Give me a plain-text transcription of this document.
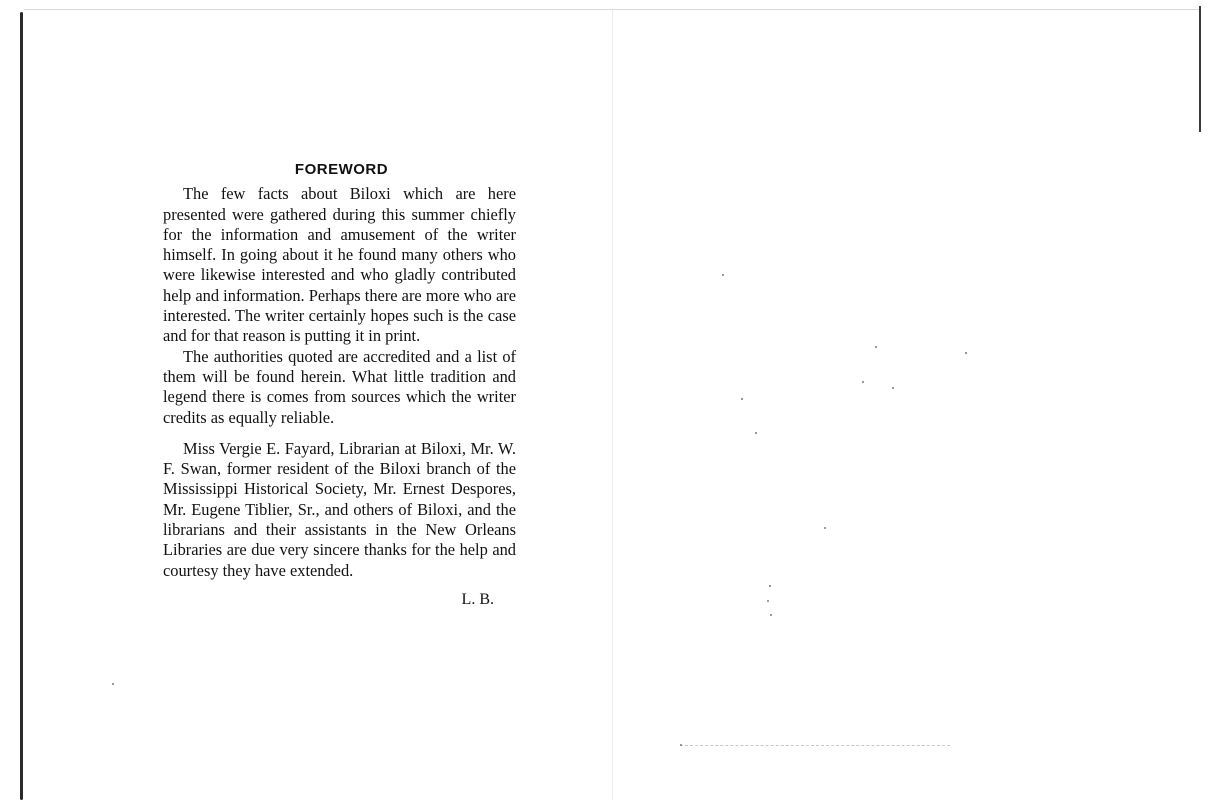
FOREWORD

The few facts about Biloxi which are here presented were gathered during this summer chiefly for the information and amusement of the writer himself. In going about it he found many others who were likewise interested and who gladly contributed help and information. Perhaps there are more who are interested. The writer certainly hopes such is the case and for that reason is putting it in print.

The authorities quoted are accredited and a list of them will be found herein. What little tradition and legend there is comes from sources which the writer credits as equally reliable.

Miss Vergie E. Fayard, Librarian at Biloxi, Mr. W. F. Swan, former resident of the Biloxi branch of the Mississippi Historical Society, Mr. Ernest Despores, Mr. Eugene Tiblier, Sr., and others of Biloxi, and the librarians and their assistants in the New Orleans Libraries are due very sincere thanks for the help and courtesy they have extended.

L. B.
